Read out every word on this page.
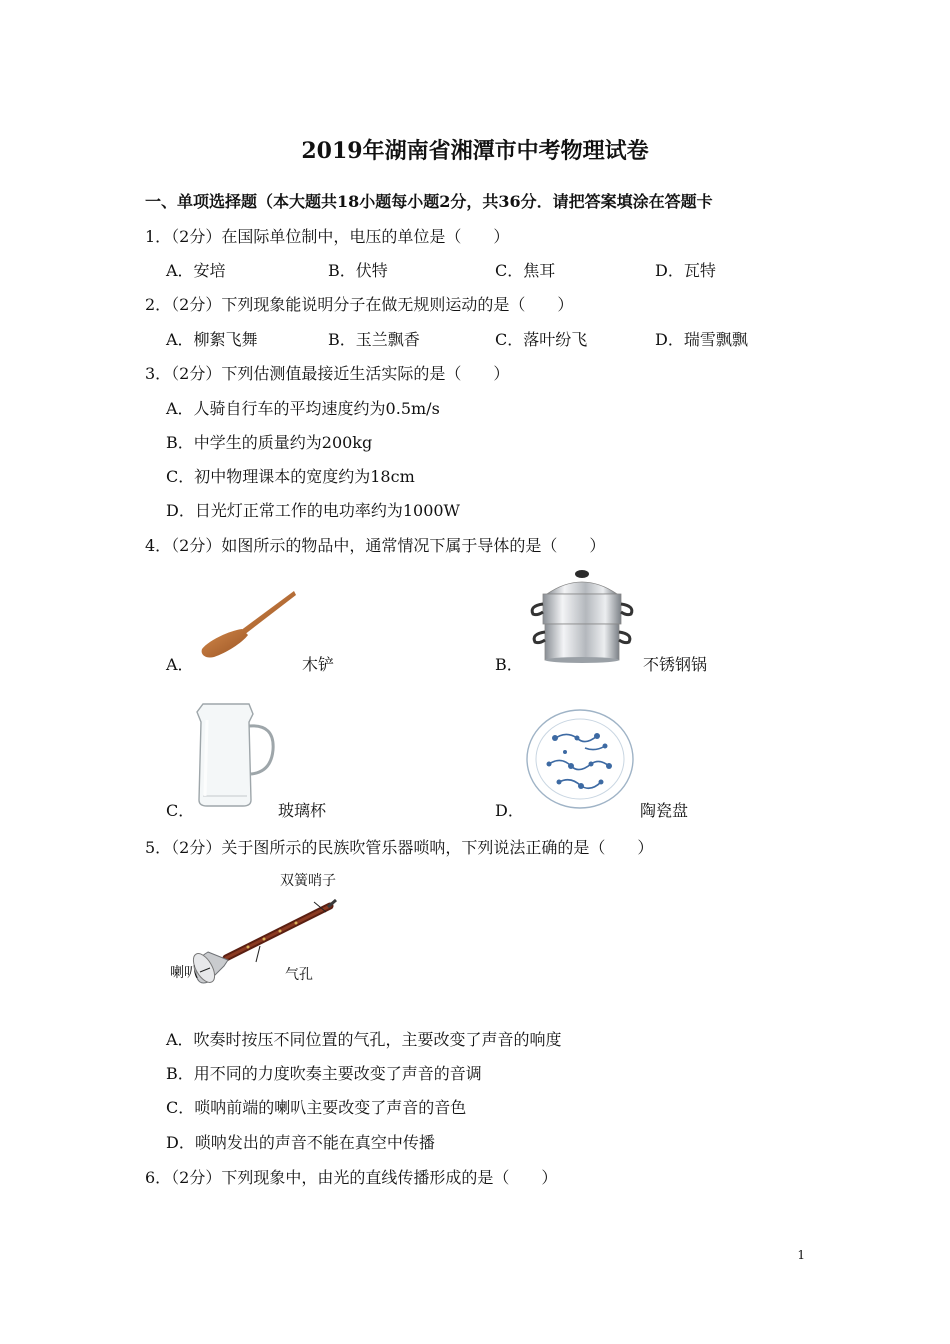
2019年湖南省湘潭市中考物理试卷
一、单项选择题（本大题共18小题每小题2分，共36分．请把答案填涂在答题卡
1．（2分）在国际单位制中，电压的单位是（　　）
A．安培	B．伏特	C．焦耳	D．瓦特
2．（2分）下列现象能说明分子在做无规则运动的是（　　）
A．柳絮飞舞	B．玉兰飘香	C．落叶纷飞	D．瑞雪飘飘
3．（2分）下列估测值最接近生活实际的是（　　）
A．人骑自行车的平均速度约为0.5m/s
B．中学生的质量约为200kg
C．初中物理课本的宽度约为18cm
D．日光灯正常工作的电功率约为1000W
4．（2分）如图所示的物品中，通常情况下属于导体的是（　　）
A．	木铲	B．	不锈钢锅
C．	玻璃杯	D．	陶瓷盘
5．（2分）关于图所示的民族吹管乐器唢呐，下列说法正确的是（　　）
双簧哨子
喇叭	气孔
A．吹奏时按压不同位置的气孔，主要改变了声音的响度
B．用不同的力度吹奏主要改变了声音的音调
C．唢呐前端的喇叭主要改变了声音的音色
D．唢呐发出的声音不能在真空中传播
6．（2分）下列现象中，由光的直线传播形成的是（　　）
1
